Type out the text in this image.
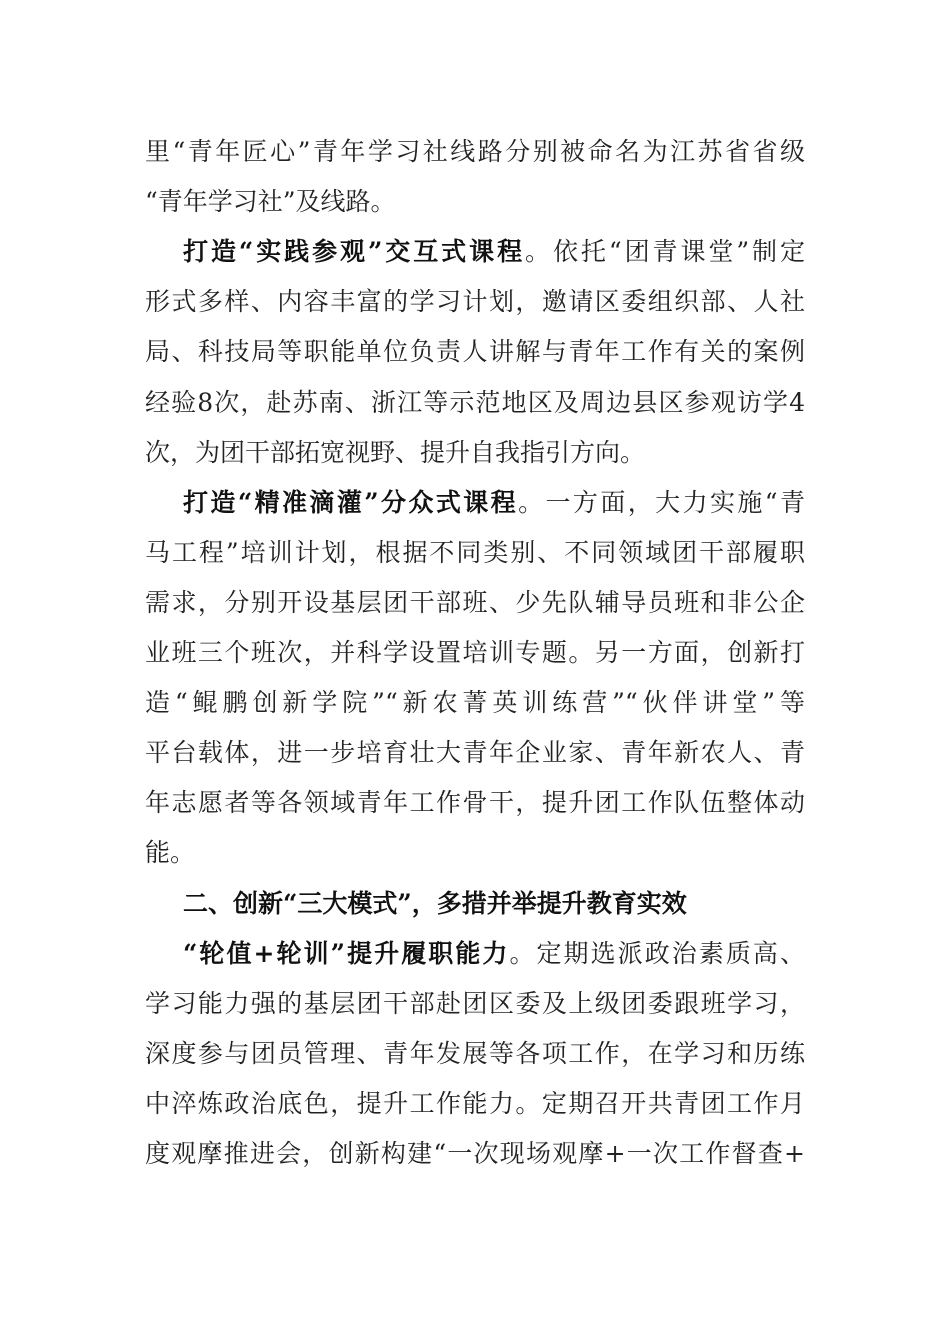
里“青年匠心”青年学习社线路分别被命名为江苏省省级
“青年学习社”及线路。
打造“实践参观”交互式课程。依托“团青课堂”制定
形式多样、内容丰富的学习计划，邀请区委组织部、人社
局、科技局等职能单位负责人讲解与青年工作有关的案例
经验8次，赴苏南、浙江等示范地区及周边县区参观访学4
次，为团干部拓宽视野、提升自我指引方向。
打造“精准滴灌”分众式课程。一方面，大力实施“青
马工程”培训计划，根据不同类别、不同领域团干部履职
需求，分别开设基层团干部班、少先队辅导员班和非公企
业班三个班次，并科学设置培训专题。另一方面，创新打
造“鲲鹏创新学院”“新农菁英训练营”“伙伴讲堂”等
平台载体，进一步培育壮大青年企业家、青年新农人、青
年志愿者等各领域青年工作骨干，提升团工作队伍整体动
能。
二、创新“三大模式”，多措并举提升教育实效
“轮值+轮训”提升履职能力。定期选派政治素质高、
学习能力强的基层团干部赴团区委及上级团委跟班学习，
深度参与团员管理、青年发展等各项工作，在学习和历练
中淬炼政治底色，提升工作能力。定期召开共青团工作月
度观摩推进会，创新构建“一次现场观摩+一次工作督查+
